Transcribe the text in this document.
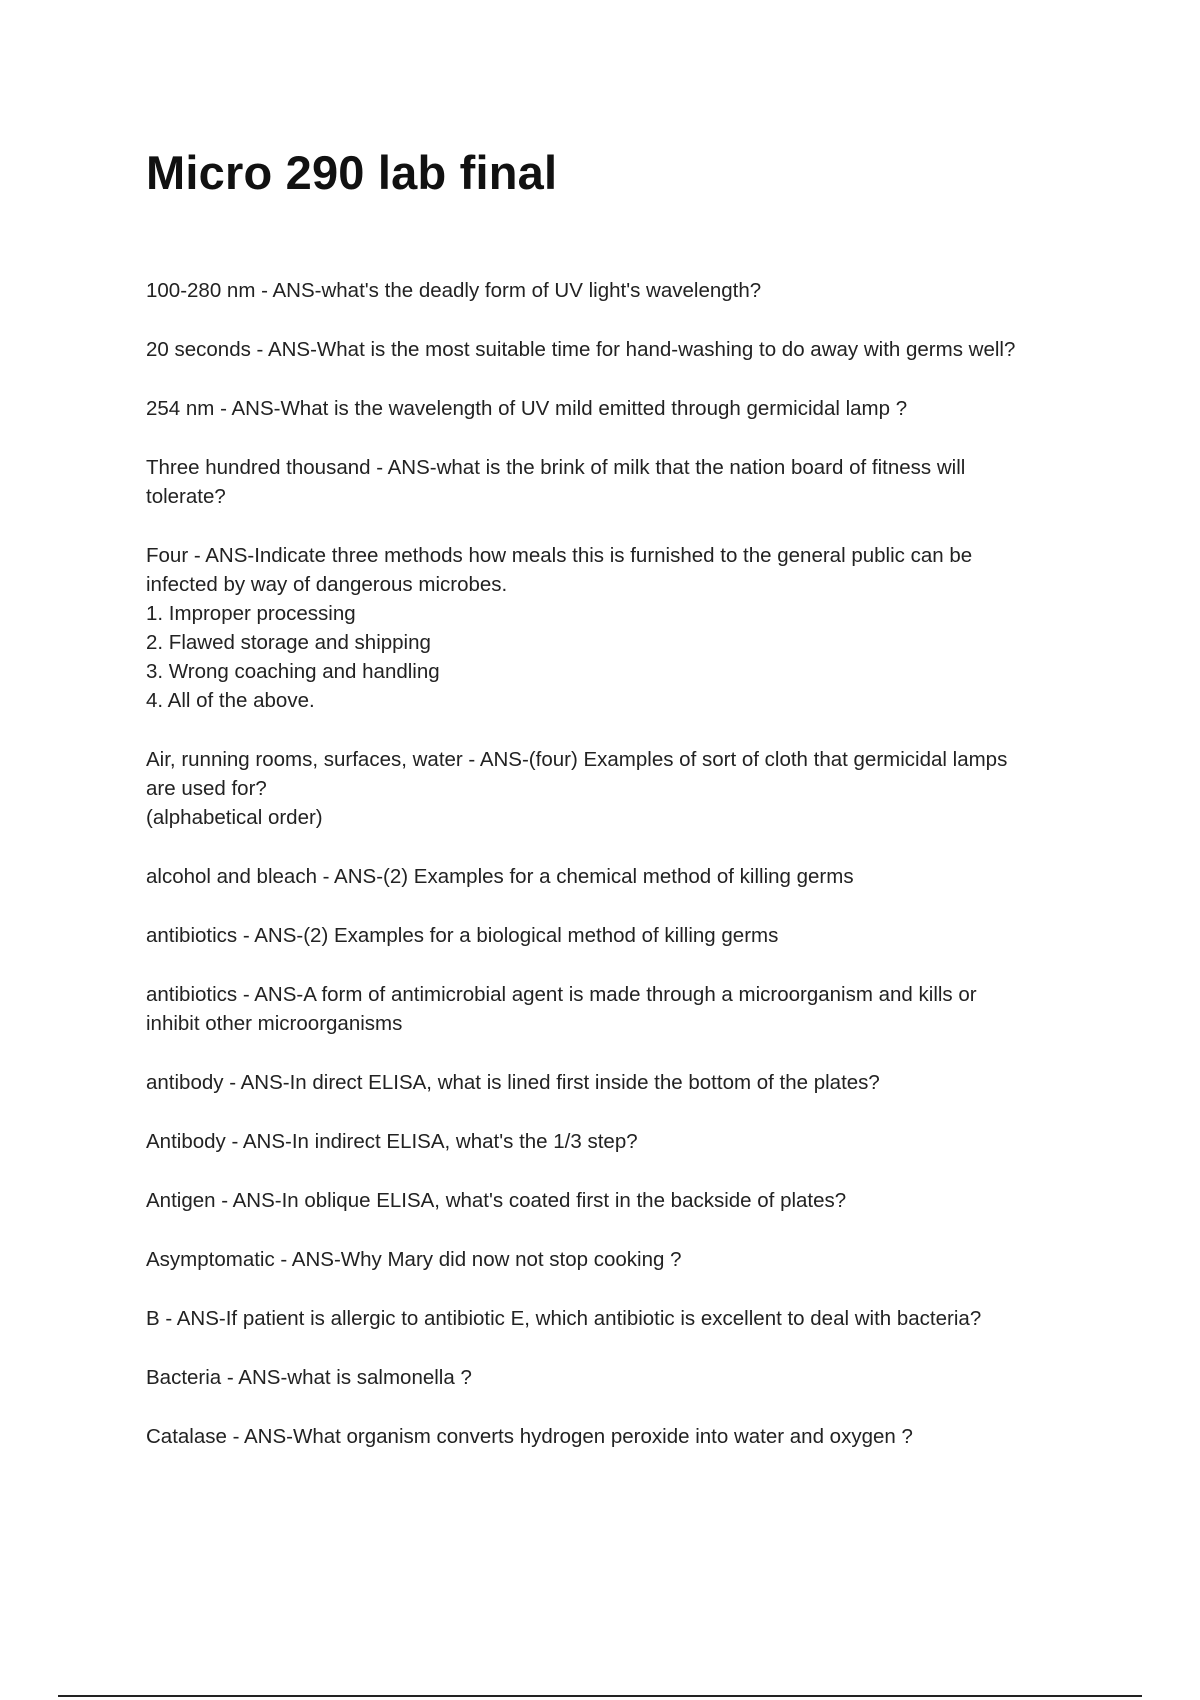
Micro 290 lab final
100-280 nm - ANS-what's the deadly form of UV light's wavelength?
20 seconds - ANS-What is the most suitable time for hand-washing to do away with germs well?
254 nm - ANS-What is the wavelength of UV mild emitted through germicidal lamp ?
Three hundred thousand - ANS-what is the brink of milk that the nation board of fitness will
tolerate?
Four - ANS-Indicate three methods how meals this is furnished to the general public can be
infected by way of dangerous microbes.
1. Improper processing
2. Flawed storage and shipping
3. Wrong coaching and handling
4. All of the above.
Air, running rooms, surfaces, water - ANS-(four) Examples of sort of cloth that germicidal lamps
are used for?
(alphabetical order)
alcohol and bleach - ANS-(2) Examples for a chemical method of killing germs
antibiotics - ANS-(2) Examples for a biological method of killing germs
antibiotics - ANS-A form of antimicrobial agent is made through a microorganism and kills or
inhibit other microorganisms
antibody - ANS-In direct ELISA, what is lined first inside the bottom of the plates?
Antibody - ANS-In indirect ELISA, what's the 1/3 step?
Antigen - ANS-In oblique ELISA, what's coated first in the backside of plates?
Asymptomatic - ANS-Why Mary did now not stop cooking ?
B - ANS-If patient is allergic to antibiotic E, which antibiotic is excellent to deal with bacteria?
Bacteria - ANS-what is salmonella ?
Catalase - ANS-What organism converts hydrogen peroxide into water and oxygen ?
